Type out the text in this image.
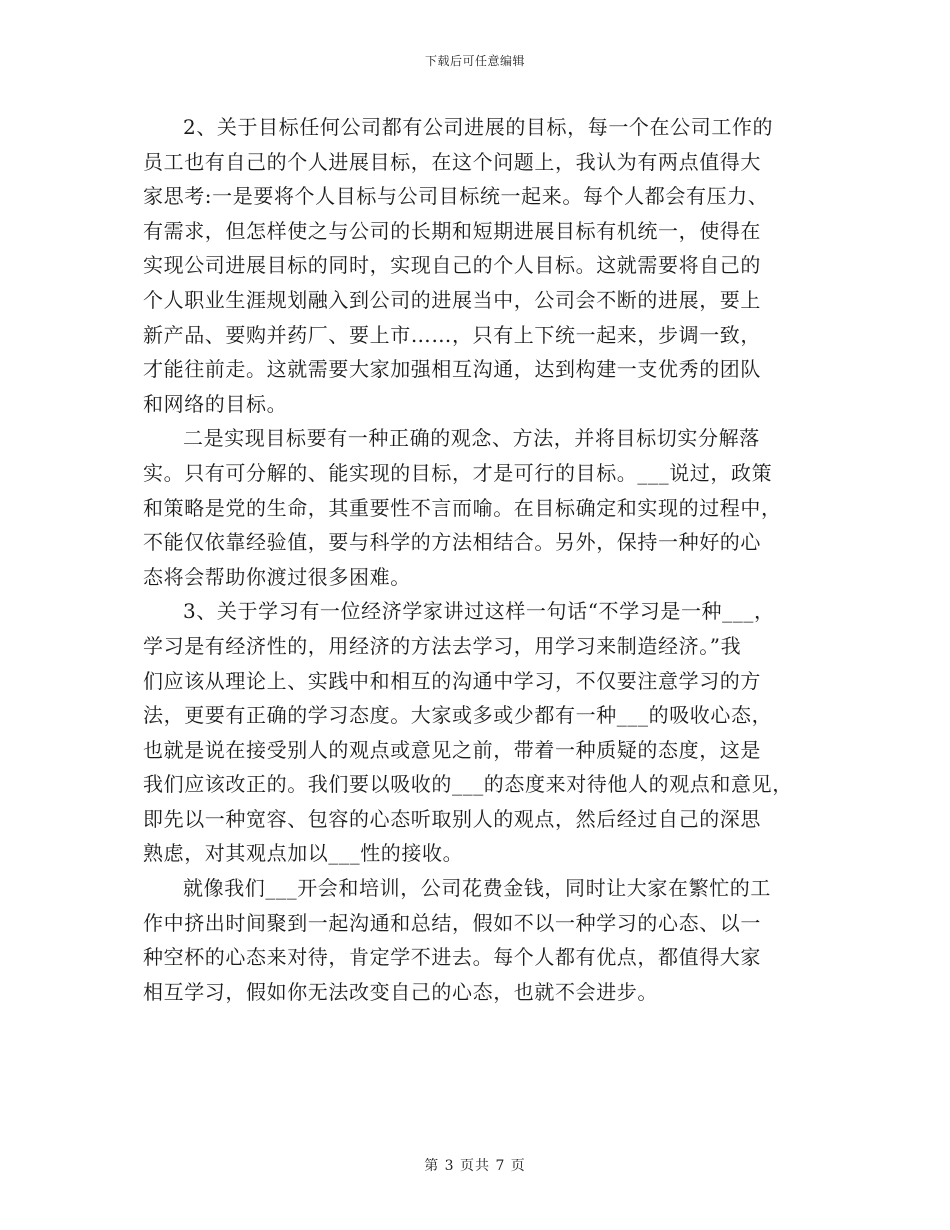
下载后可任意编辑
2、关于目标任何公司都有公司进展的目标，每一个在公司工作的
员工也有自己的个人进展目标，在这个问题上，我认为有两点值得大
家思考:一是要将个人目标与公司目标统一起来。每个人都会有压力、
有需求，但怎样使之与公司的长期和短期进展目标有机统一，使得在
实现公司进展目标的同时，实现自己的个人目标。这就需要将自己的
个人职业生涯规划融入到公司的进展当中，公司会不断的进展，要上
新产品、要购并药厂、要上市……，只有上下统一起来，步调一致，
才能往前走。这就需要大家加强相互沟通，达到构建一支优秀的团队
和网络的目标。
二是实现目标要有一种正确的观念、方法，并将目标切实分解落
实。只有可分解的、能实现的目标，才是可行的目标。___说过，政策
和策略是党的生命，其重要性不言而喻。在目标确定和实现的过程中，
不能仅依靠经验值，要与科学的方法相结合。另外，保持一种好的心
态将会帮助你渡过很多困难。
3、关于学习有一位经济学家讲过这样一句话“不学习是一种___，
学习是有经济性的，用经济的方法去学习，用学习来制造经济。”我
们应该从理论上、实践中和相互的沟通中学习，不仅要注意学习的方
法，更要有正确的学习态度。大家或多或少都有一种___的吸收心态，
也就是说在接受别人的观点或意见之前，带着一种质疑的态度，这是
我们应该改正的。我们要以吸收的___的态度来对待他人的观点和意见，
即先以一种宽容、包容的心态听取别人的观点，然后经过自己的深思
熟虑，对其观点加以___性的接收。
就像我们___开会和培训，公司花费金钱，同时让大家在繁忙的工
作中挤出时间聚到一起沟通和总结，假如不以一种学习的心态、以一
种空杯的心态来对待，肯定学不进去。每个人都有优点，都值得大家
相互学习，假如你无法改变自己的心态，也就不会进步。
第 3 页共 7 页
